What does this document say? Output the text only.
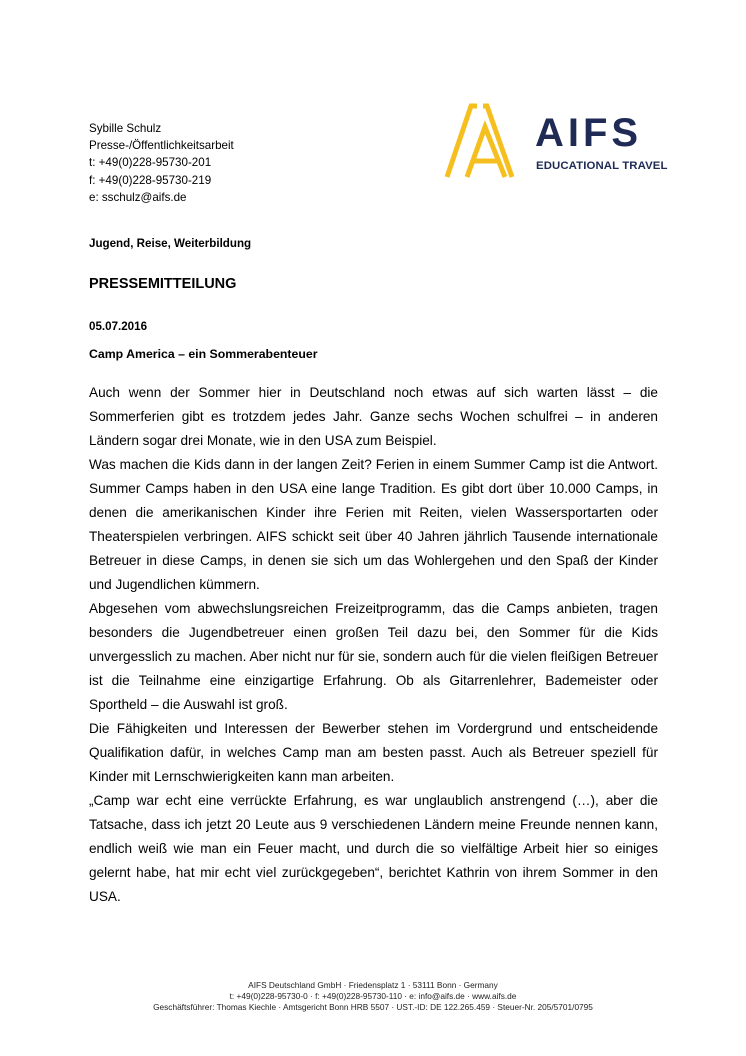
Sybille Schulz
Presse-/Öffentlichkeitsarbeit
t: +49(0)228-95730-201
f: +49(0)228-95730-219
e: sschulz@aifs.de
AIFS
EDUCATIONAL TRAVEL
Jugend, Reise, Weiterbildung
PRESSEMITTEILUNG
05.07.2016
Camp America – ein Sommerabenteuer

Auch wenn der Sommer hier in Deutschland noch etwas auf sich warten lässt – die Sommerferien gibt es trotzdem jedes Jahr. Ganze sechs Wochen schulfrei – in anderen Ländern sogar drei Monate, wie in den USA zum Beispiel.

Was machen die Kids dann in der langen Zeit? Ferien in einem Summer Camp ist die Antwort. Summer Camps haben in den USA eine lange Tradition. Es gibt dort über 10.000 Camps, in denen die amerikanischen Kinder ihre Ferien mit Reiten, vielen Wassersportarten oder Theaterspielen verbringen. AIFS schickt seit über 40 Jahren jährlich Tausende internationale Betreuer in diese Camps, in denen sie sich um das Wohlergehen und den Spaß der Kinder und Jugendlichen kümmern.

Abgesehen vom abwechslungsreichen Freizeitprogramm, das die Camps anbieten, tragen besonders die Jugendbetreuer einen großen Teil dazu bei, den Sommer für die Kids unvergesslich zu machen. Aber nicht nur für sie, sondern auch für die vielen fleißigen Betreuer ist die Teilnahme eine einzigartige Erfahrung. Ob als Gitarrenlehrer, Bademeister oder Sportheld – die Auswahl ist groß.

Die Fähigkeiten und Interessen der Bewerber stehen im Vordergrund und entscheidende Qualifikation dafür, in welches Camp man am besten passt. Auch als Betreuer speziell für Kinder mit Lernschwierigkeiten kann man arbeiten.

„Camp war echt eine verrückte Erfahrung, es war unglaublich anstrengend (…), aber die Tatsache, dass ich jetzt 20 Leute aus 9 verschiedenen Ländern meine Freunde nennen kann, endlich weiß wie man ein Feuer macht, und durch die so vielfältige Arbeit hier so einiges gelernt habe, hat mir echt viel zurückgegeben“, berichtet Kathrin von ihrem Sommer in den USA.

AIFS Deutschland GmbH · Friedensplatz 1 · 53111 Bonn · Germany
t: +49(0)228-95730-0 · f: +49(0)228-95730-110 · e: info@aifs.de · www.aifs.de
Geschäftsführer: Thomas Kiechle · Amtsgericht Bonn HRB 5507 · UST.-ID: DE 122.265.459 · Steuer-Nr. 205/5701/0795
